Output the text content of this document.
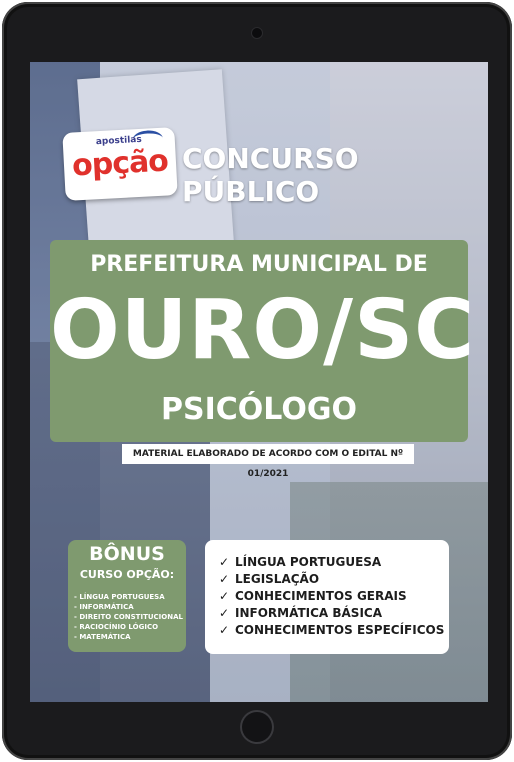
apostilas
opção CONCURSO PÚBLICO
PREFEITURA MUNICIPAL DE
OURO/SC
PSICÓLOGO
MATERIAL ELABORADO DE ACORDO COM O EDITAL Nº 01/2021
BÔNUS
CURSO OPÇÃO:
- LÍNGUA PORTUGUESA
- INFORMÁTICA
- DIREITO CONSTITUCIONAL
- RACIOCÍNIO LÓGICO
- MATEMÁTICA
✓ LÍNGUA PORTUGUESA
✓ LEGISLAÇÃO
✓ CONHECIMENTOS GERAIS
✓ INFORMÁTICA BÁSICA
✓ CONHECIMENTOS ESPECÍFICOS
